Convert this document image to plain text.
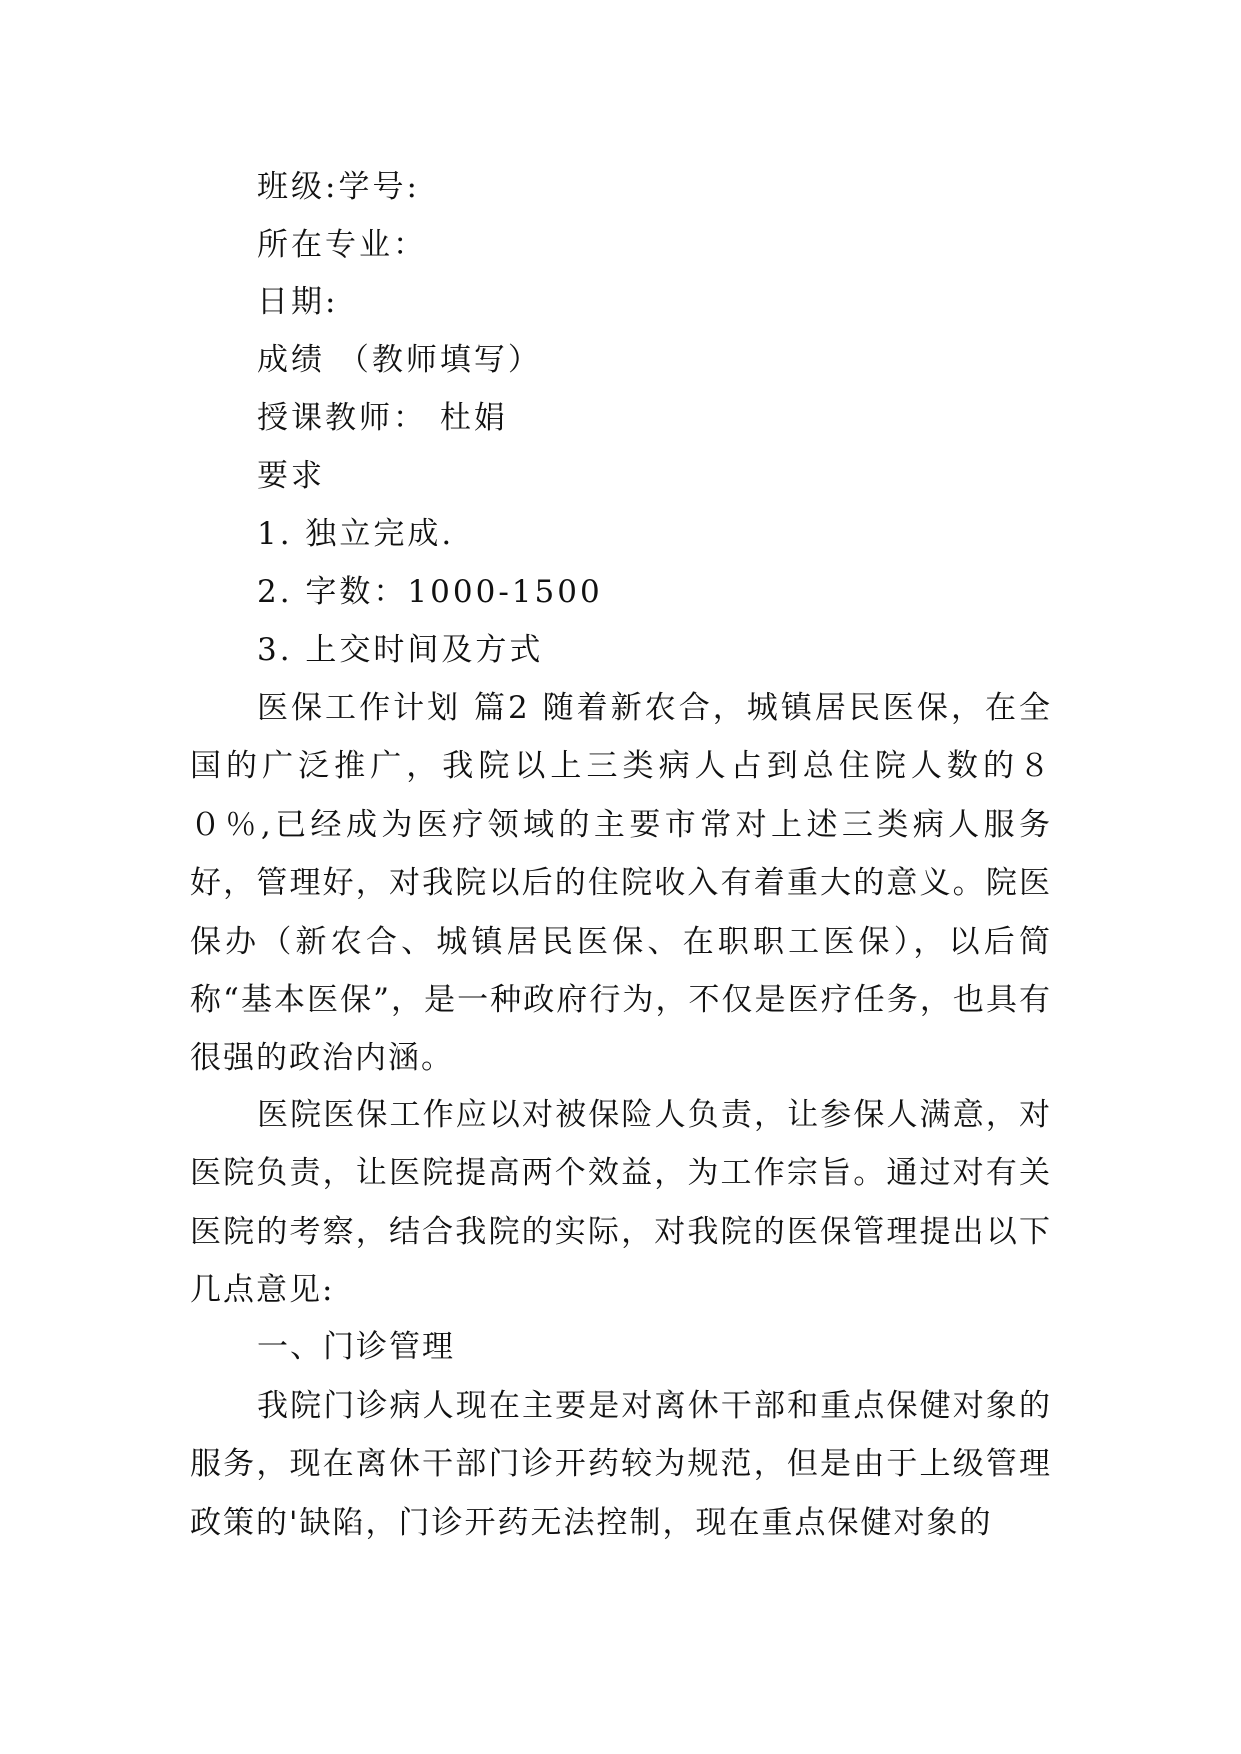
班级:学号:

所在专业：

日期:

成绩 （教师填写）

授课教师： 杜娟

要求

1. 独立完成.

2. 字数：1000-1500

3. 上交时间及方式

医保工作计划 篇2 随着新农合，城镇居民医保，在全国的广泛推广，我院以上三类病人占到总住院人数的８０％,已经成为医疗领域的主要市常对上述三类病人服务好，管理好，对我院以后的住院收入有着重大的意义。院医保办（新农合、城镇居民医保、在职职工医保），以后简称“基本医保”，是一种政府行为，不仅是医疗任务，也具有很强的政治内涵。

医院医保工作应以对被保险人负责，让参保人满意，对医院负责，让医院提高两个效益，为工作宗旨。通过对有关医院的考察，结合我院的实际，对我院的医保管理提出以下几点意见:

一、门诊管理

我院门诊病人现在主要是对离休干部和重点保健对象的服务，现在离休干部门诊开药较为规范，但是由于上级管理政策的'缺陷，门诊开药无法控制，现在重点保健对象的
